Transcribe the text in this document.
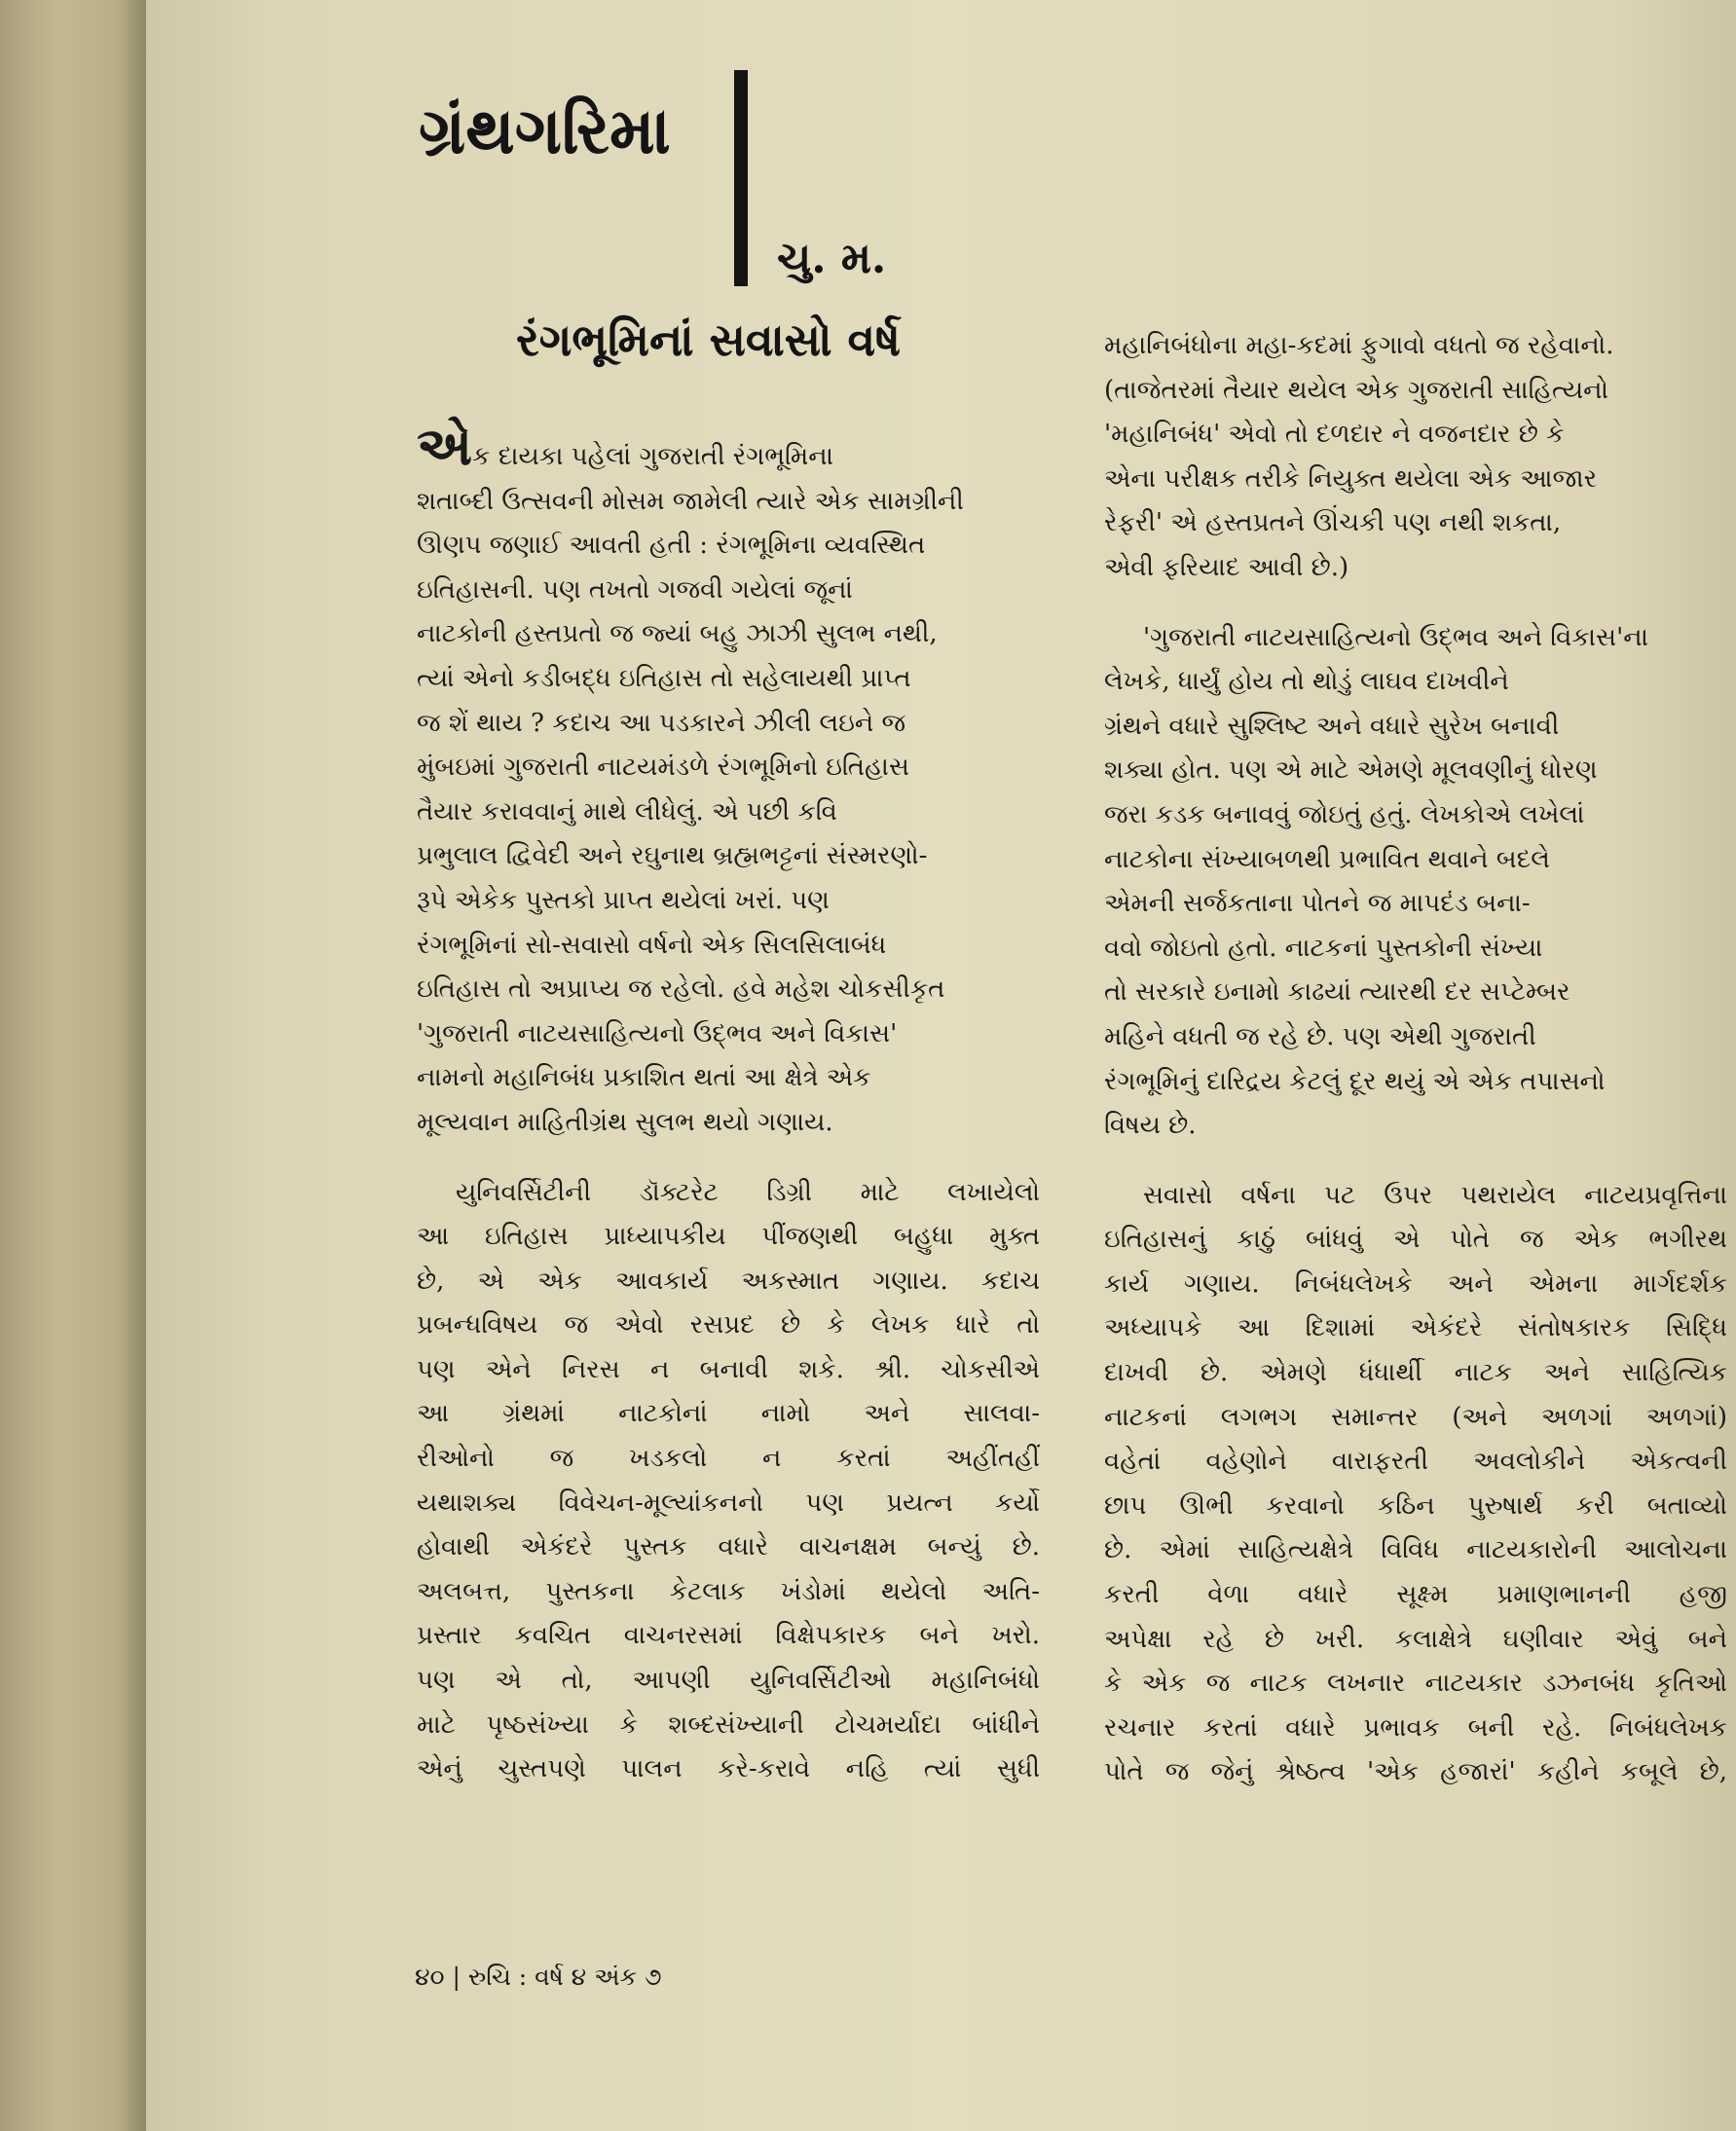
ગ્રંથગરિમા
ચુ. મ.
રંગભૂમિનાં સવાસો વર્ષ

એક દાયકા પહેલાં ગુજરાતી રંગભૂમિના
શતાબ્દી ઉત્સવની મોસમ જામેલી ત્યારે એક સામગ્રીની
ઊણપ જણાઈ આવતી હતી : રંગભૂમિના વ્યવસ્થિત
ઇતિહાસની. પણ તખતો ગજવી ગયેલાં જૂનાં
નાટકોની હસ્તપ્રતો જ જ્યાં બહુ ઝાઝી સુલભ નથી,
ત્યાં એનો કડીબદ્ધ ઇતિહાસ તો સહેલાયથી પ્રાપ્ત
જ શેં થાય ? કદાચ આ પડકારને ઝીલી લઇને જ
મુંબઇમાં ગુજરાતી નાટયમંડળે રંગભૂમિનો ઇતિહાસ
તૈયાર કરાવવાનું માથે લીધેલું. એ પછી કવિ
પ્રભુલાલ દ્વિવેદી અને રઘુનાથ બ્રહ્મભટ્ટનાં સંસ્મરણો-
રૂપે એકેક પુસ્તકો પ્રાપ્ત થયેલાં ખરાં. પણ
રંગભૂમિનાં સો-સવાસો વર્ષનો એક સિલસિલાબંધ
ઇતિહાસ તો અપ્રાપ્ય જ રહેલો. હવે મહેશ ચોકસીકૃત
'ગુજરાતી નાટયસાહિત્યનો ઉદ્ભવ અને વિકાસ'
નામનો મહાનિબંધ પ્રકાશિત થતાં આ ક્ષેત્રે એક
મૂલ્યવાન માહિતીગ્રંથ સુલભ થયો ગણાય.

યુનિવર્સિટીની ડૉક્ટરેટ ડિગ્રી માટે લખાયેલો
આ ઇતિહાસ પ્રાધ્યાપકીય પીંજણથી બહુધા મુક્ત
છે, એ એક આવકાર્ય અકસ્માત ગણાય. કદાચ
પ્રબન્ધવિષય જ એવો રસપ્રદ છે કે લેખક ધારે તો
પણ એને નિરસ ન બનાવી શકે. શ્રી. ચોકસીએ
આ ગ્રંથમાં નાટકોનાં નામો અને સાલવા-
રીઓનો જ ખડકલો ન કરતાં અહીંતહીં
યથાશક્ય વિવેચન-મૂલ્યાંકનનો પણ પ્રયત્ન કર્યો
હોવાથી એકંદરે પુસ્તક વધારે વાચનક્ષમ બન્યું છે.
અલબત્ત, પુસ્તકના કેટલાક ખંડોમાં થયેલો અતિ-
પ્રસ્તાર કવચિત વાચનરસમાં વિક્ષેપકારક બને ખરો.
પણ એ તો, આપણી યુનિવર્સિટીઓ મહાનિબંધો
માટે પૃષ્ઠસંખ્યા કે શબ્દસંખ્યાની ટોચમર્યાદા બાંધીને
એનું ચુસ્તપણે પાલન કરે-કરાવે નહિ ત્યાં સુધી

મહાનિબંધોના મહા-કદમાં ફુગાવો વધતો જ રહેવાનો.
(તાજેતરમાં તૈયાર થયેલ એક ગુજરાતી સાહિત્યનો
'મહાનિબંધ' એવો તો દળદાર ને વજનદાર છે કે
એના પરીક્ષક તરીકે નિયુક્ત થયેલા એક આજાર
રેફરી' એ હસ્તપ્રતને ઊંચકી પણ નથી શકતા,
એવી ફરિયાદ આવી છે.)

'ગુજરાતી નાટયસાહિત્યનો ઉદ્ભવ અને વિકાસ'ના
લેખકે, ધાર્યું હોય તો થોડું લાઘવ દાખવીને
ગ્રંથને વધારે સુશ્લિષ્ટ અને વધારે સુરેખ બનાવી
શક્યા હોત. પણ એ માટે એમણે મૂલવણીનું ધોરણ
જરા કડક બનાવવું જોઇતું હતું. લેખકોએ લખેલાં
નાટકોના સંખ્યાબળથી પ્રભાવિત થવાને બદલે
એમની સર્જકતાના પોતને જ માપદંડ બના-
વવો જોઇતો હતો. નાટકનાં પુસ્તકોની સંખ્યા
તો સરકારે ઇનામો કાઢયાં ત્યારથી દર સપ્ટેમ્બર
મહિને વધતી જ રહે છે. પણ એથી ગુજરાતી
રંગભૂમિનું દારિદ્રય કેટલું દૂર થયું એ એક તપાસનો
વિષય છે.

સવાસો વર્ષના પટ ઉપર પથરાયેલ નાટયપ્રવૃત્તિના
ઇતિહાસનું કાઠું બાંધવું એ પોતે જ એક ભગીરથ
કાર્ય ગણાય. નિબંધલેખકે અને એમના માર્ગદર્શક
અધ્યાપકે આ દિશામાં એકંદરે સંતોષકારક સિદ્ધિ
દાખવી છે. એમણે ધંધાર્થી નાટક અને સાહિત્યિક
નાટકનાં લગભગ સમાન્તર (અને અળગાં અળગાં)
વહેતાં વહેણોને વારાફરતી અવલોકીને એકત્વની
છાપ ઊભી કરવાનો કઠિન પુરુષાર્થ કરી બતાવ્યો
છે. એમાં સાહિત્યક્ષેત્રે વિવિધ નાટયકારોની આલોચના
કરતી વેળા વધારે સૂક્ષ્મ પ્રમાણભાનની હજી
અપેક્ષા રહે છે ખરી. કલાક્ષેત્રે ઘણીવાર એવું બને
કે એક જ નાટક લખનાર નાટયકાર ડઝનબંધ કૃતિઓ
રચનાર કરતાં વધારે પ્રભાવક બની રહે. નિબંધલેખક
પોતે જ જેનું શ્રેષ્ઠત્વ 'એક હજારાં' કહીને કબૂલે છે,

૪૦ | રુચિ : વર્ષ ૪ અંક ૭
